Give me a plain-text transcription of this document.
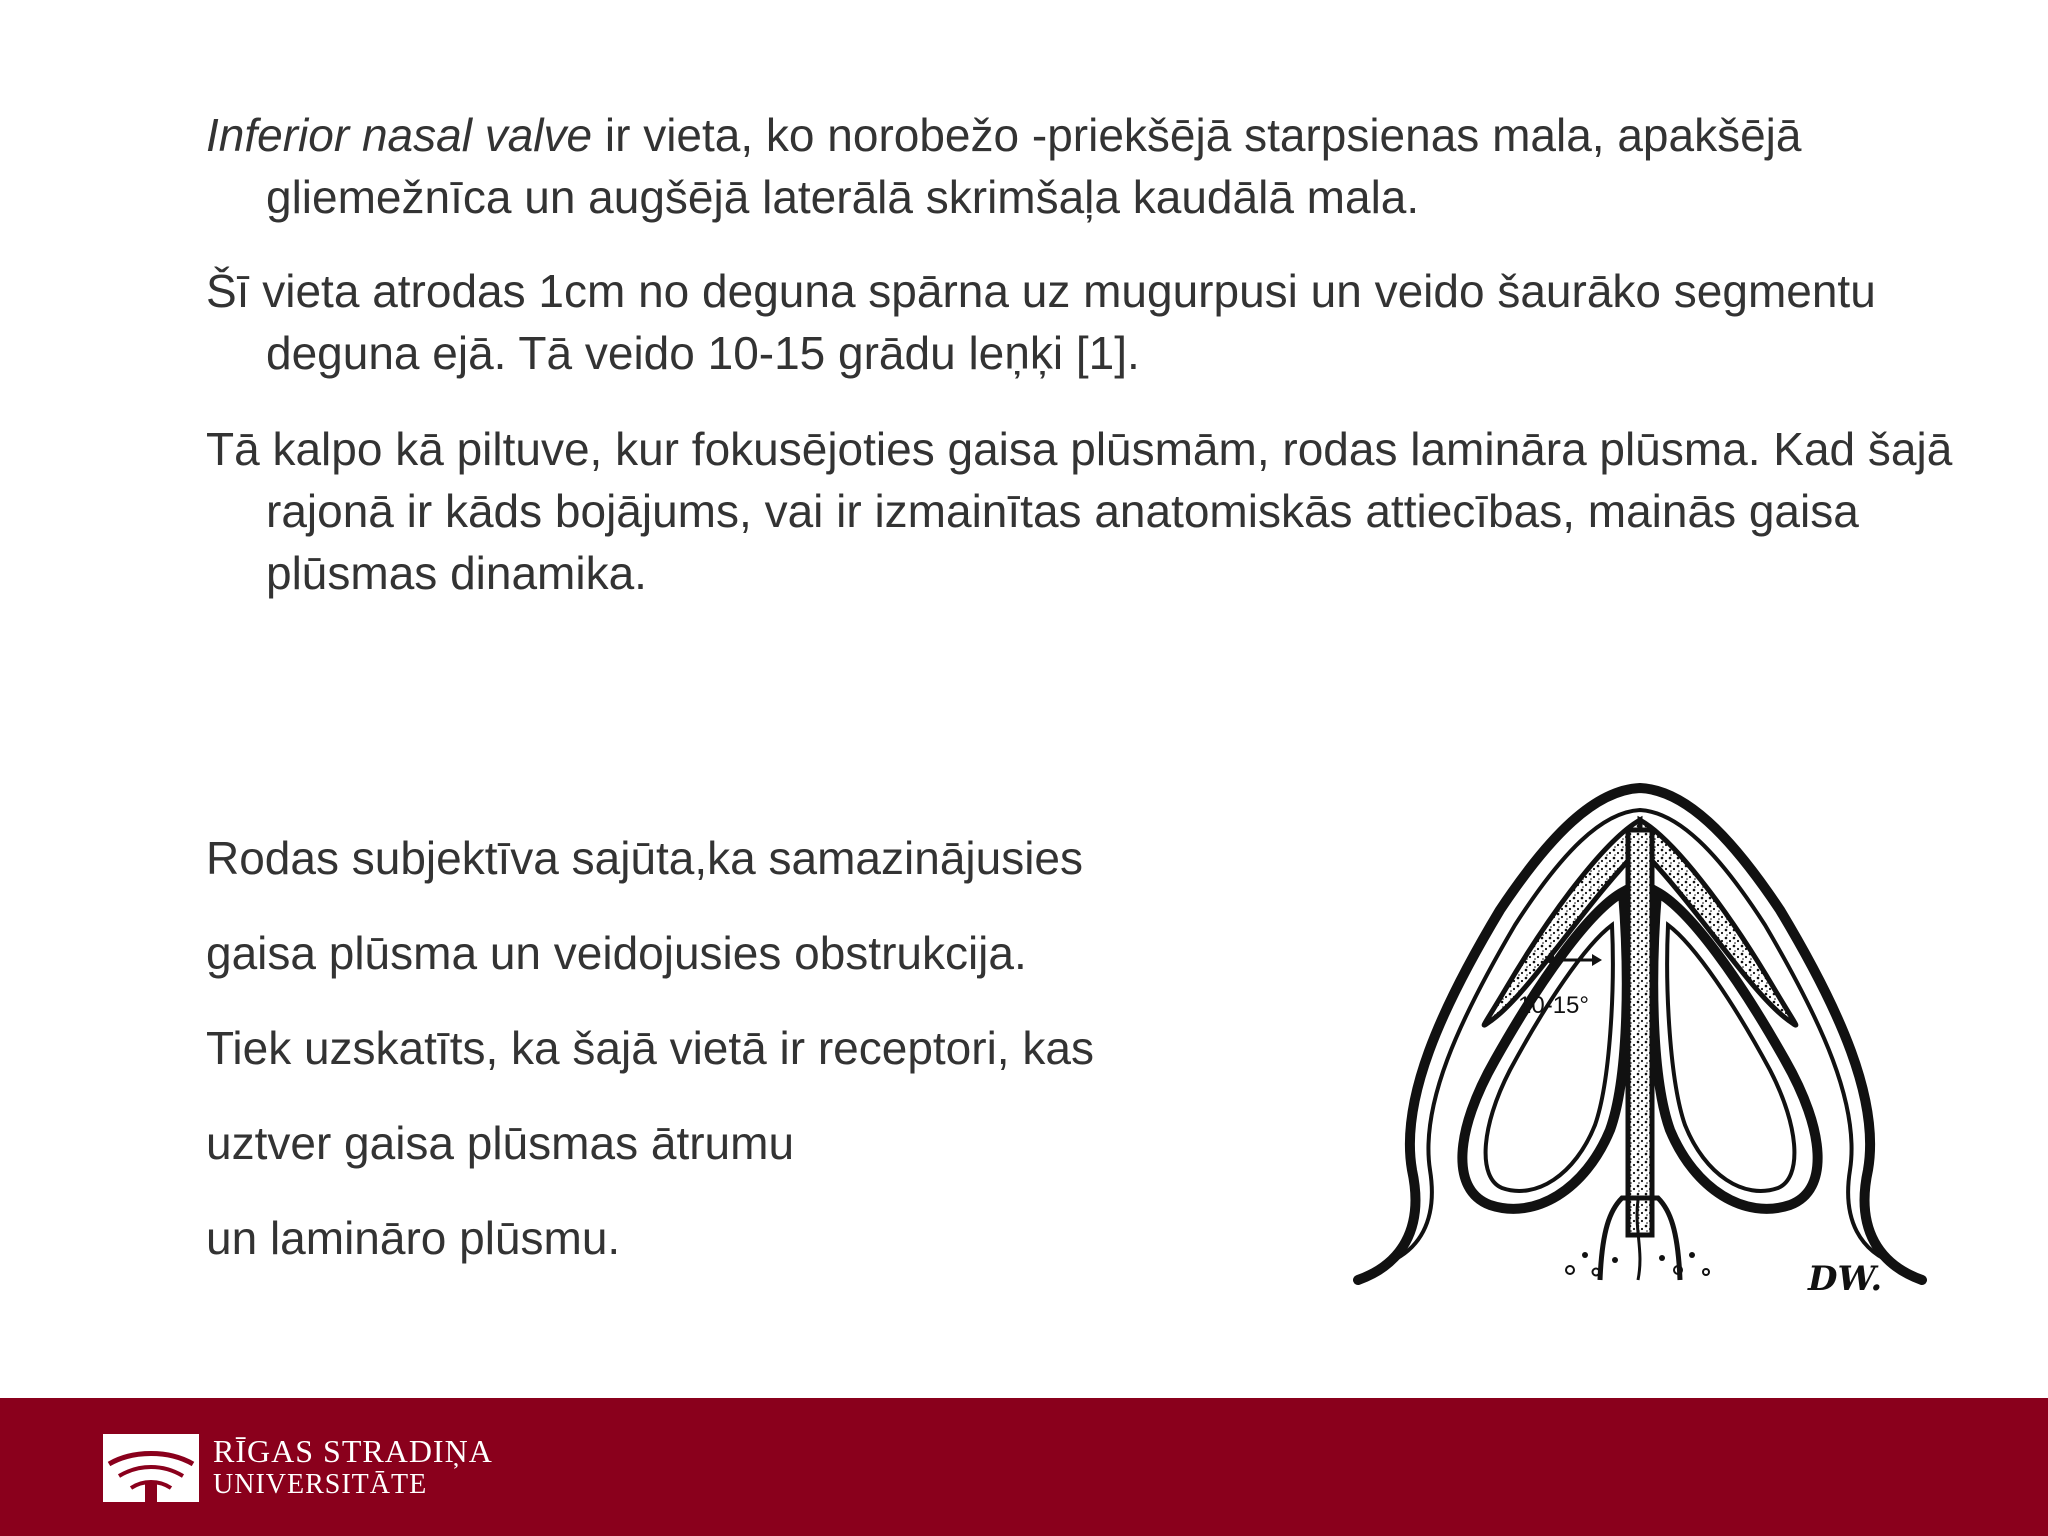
Inferior nasal valve ir vieta, ko norobežo -priekšējā starpsienas mala, apakšējā gliemežnīca un augšējā laterālā skrimšaļa kaudālā mala.

Šī vieta atrodas 1cm no deguna spārna uz mugurpusi un veido šaurāko segmentu deguna ejā. Tā veido 10-15 grādu leņķi [1].

Tā kalpo kā piltuve, kur fokusējoties gaisa plūsmām, rodas lamināra plūsma. Kad šajā rajonā ir kāds bojājums, vai ir izmainītas anatomiskās attiecības, mainās gaisa plūsmas dinamika.

Rodas subjektīva sajūta,ka samazinājusies

gaisa plūsma un veidojusies obstrukcija.

Tiek uzskatīts, ka šajā vietā ir receptori, kas

uztver gaisa plūsmas ātrumu

un lamināro plūsmu.

10-15°
DW.
RĪGAS STRADIŅA
UNIVERSITĀTE
